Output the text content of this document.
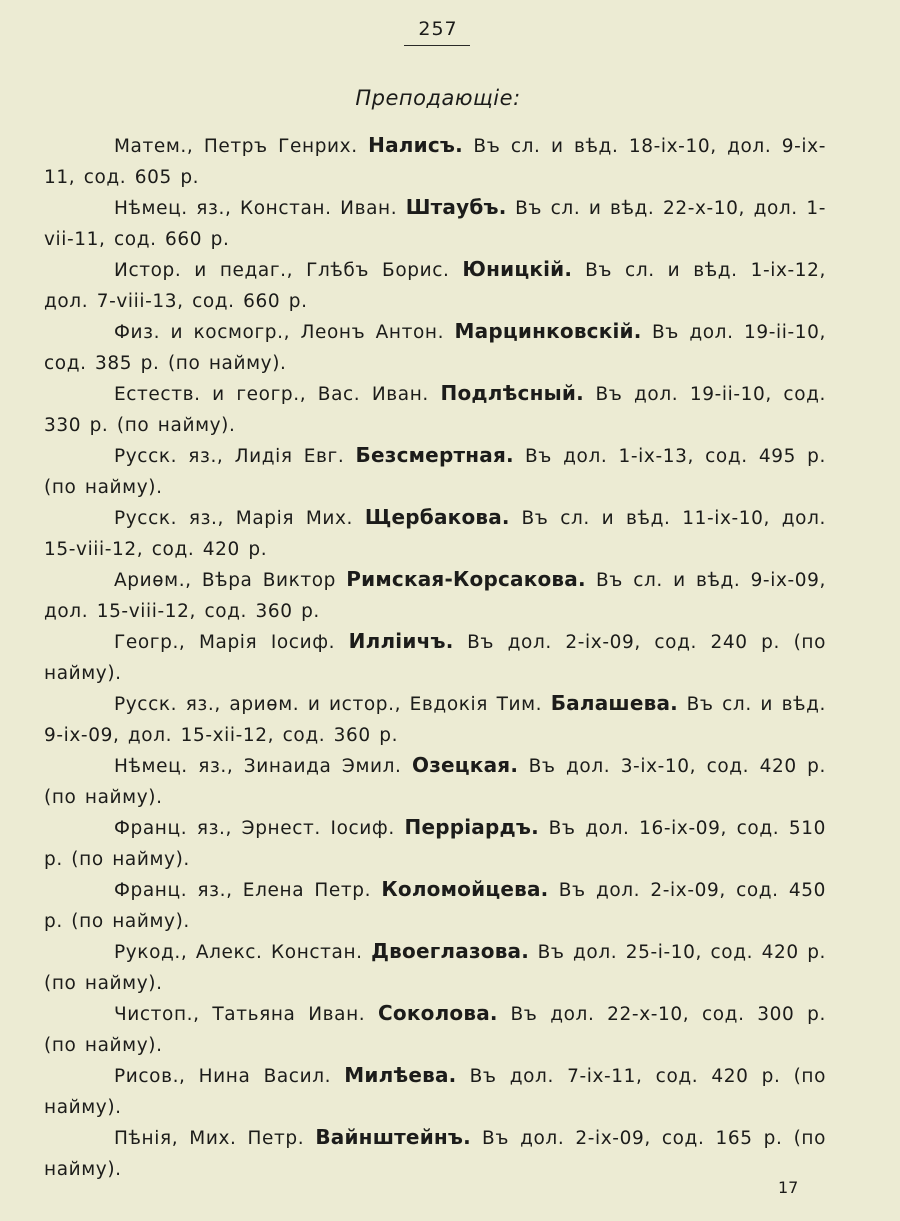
257
Преподающіе:

Матем., Петръ Генрих. Налисъ. Въ сл. и вѣд. 18-ix-10, дол. 9-ix-11, сод. 605 р.

Нѣмец. яз., Констан. Иван. Штаубъ. Въ сл. и вѣд. 22-x-10, дол. 1-vii-11, сод. 660 р.

Истор. и педаг., Глѣбъ Борис. Юницкій. Въ сл. и вѣд. 1-ix-12, дол. 7-viii-13, сод. 660 р.

Физ. и космогр., Леонъ Антон. Марцинковскій. Въ дол. 19-ii-10, сод. 385 р. (по найму).

Естеств. и геогр., Вас. Иван. Подлѣсный. Въ дол. 19-ii-10, сод. 330 р. (по найму).

Русск. яз., Лидія Евг. Безсмертная. Въ дол. 1-ix-13, сод. 495 р. (по найму).

Русск. яз., Марія Мих. Щербакова. Въ сл. и вѣд. 11-ix-10, дол. 15-viii-12, сод. 420 р.

Ариѳм., Вѣра Виктор Римская-Корсакова. Въ сл. и вѣд. 9-ix-09, дол. 15-viii-12, сод. 360 р.

Геогр., Марія Іосиф. Илліичъ. Въ дол. 2-ix-09, сод. 240 р. (по найму).

Русск. яз., ариѳм. и истор., Евдокія Тим. Балашева. Въ сл. и вѣд. 9-ix-09, дол. 15-xii-12, сод. 360 р.

Нѣмец. яз., Зинаида Эмил. Озецкая. Въ дол. 3-ix-10, сод. 420 р. (по найму).

Франц. яз., Эрнест. Іосиф. Перріардъ. Въ дол. 16-ix-09, сод. 510 р. (по найму).

Франц. яз., Елена Петр. Коломойцева. Въ дол. 2-ix-09, сод. 450 р. (по найму).

Рукод., Алекс. Констан. Двоеглазова. Въ дол. 25-i-10, сод. 420 р. (по найму).

Чистоп., Татьяна Иван. Соколова. Въ дол. 22-x-10, сод. 300 р. (по найму).

Рисов., Нина Васил. Милѣева. Въ дол. 7-ix-11, сод. 420 р. (по найму).

Пѣнія, Мих. Петр. Вайнштейнъ. Въ дол. 2-ix-09, сод. 165 р. (по найму).

17
